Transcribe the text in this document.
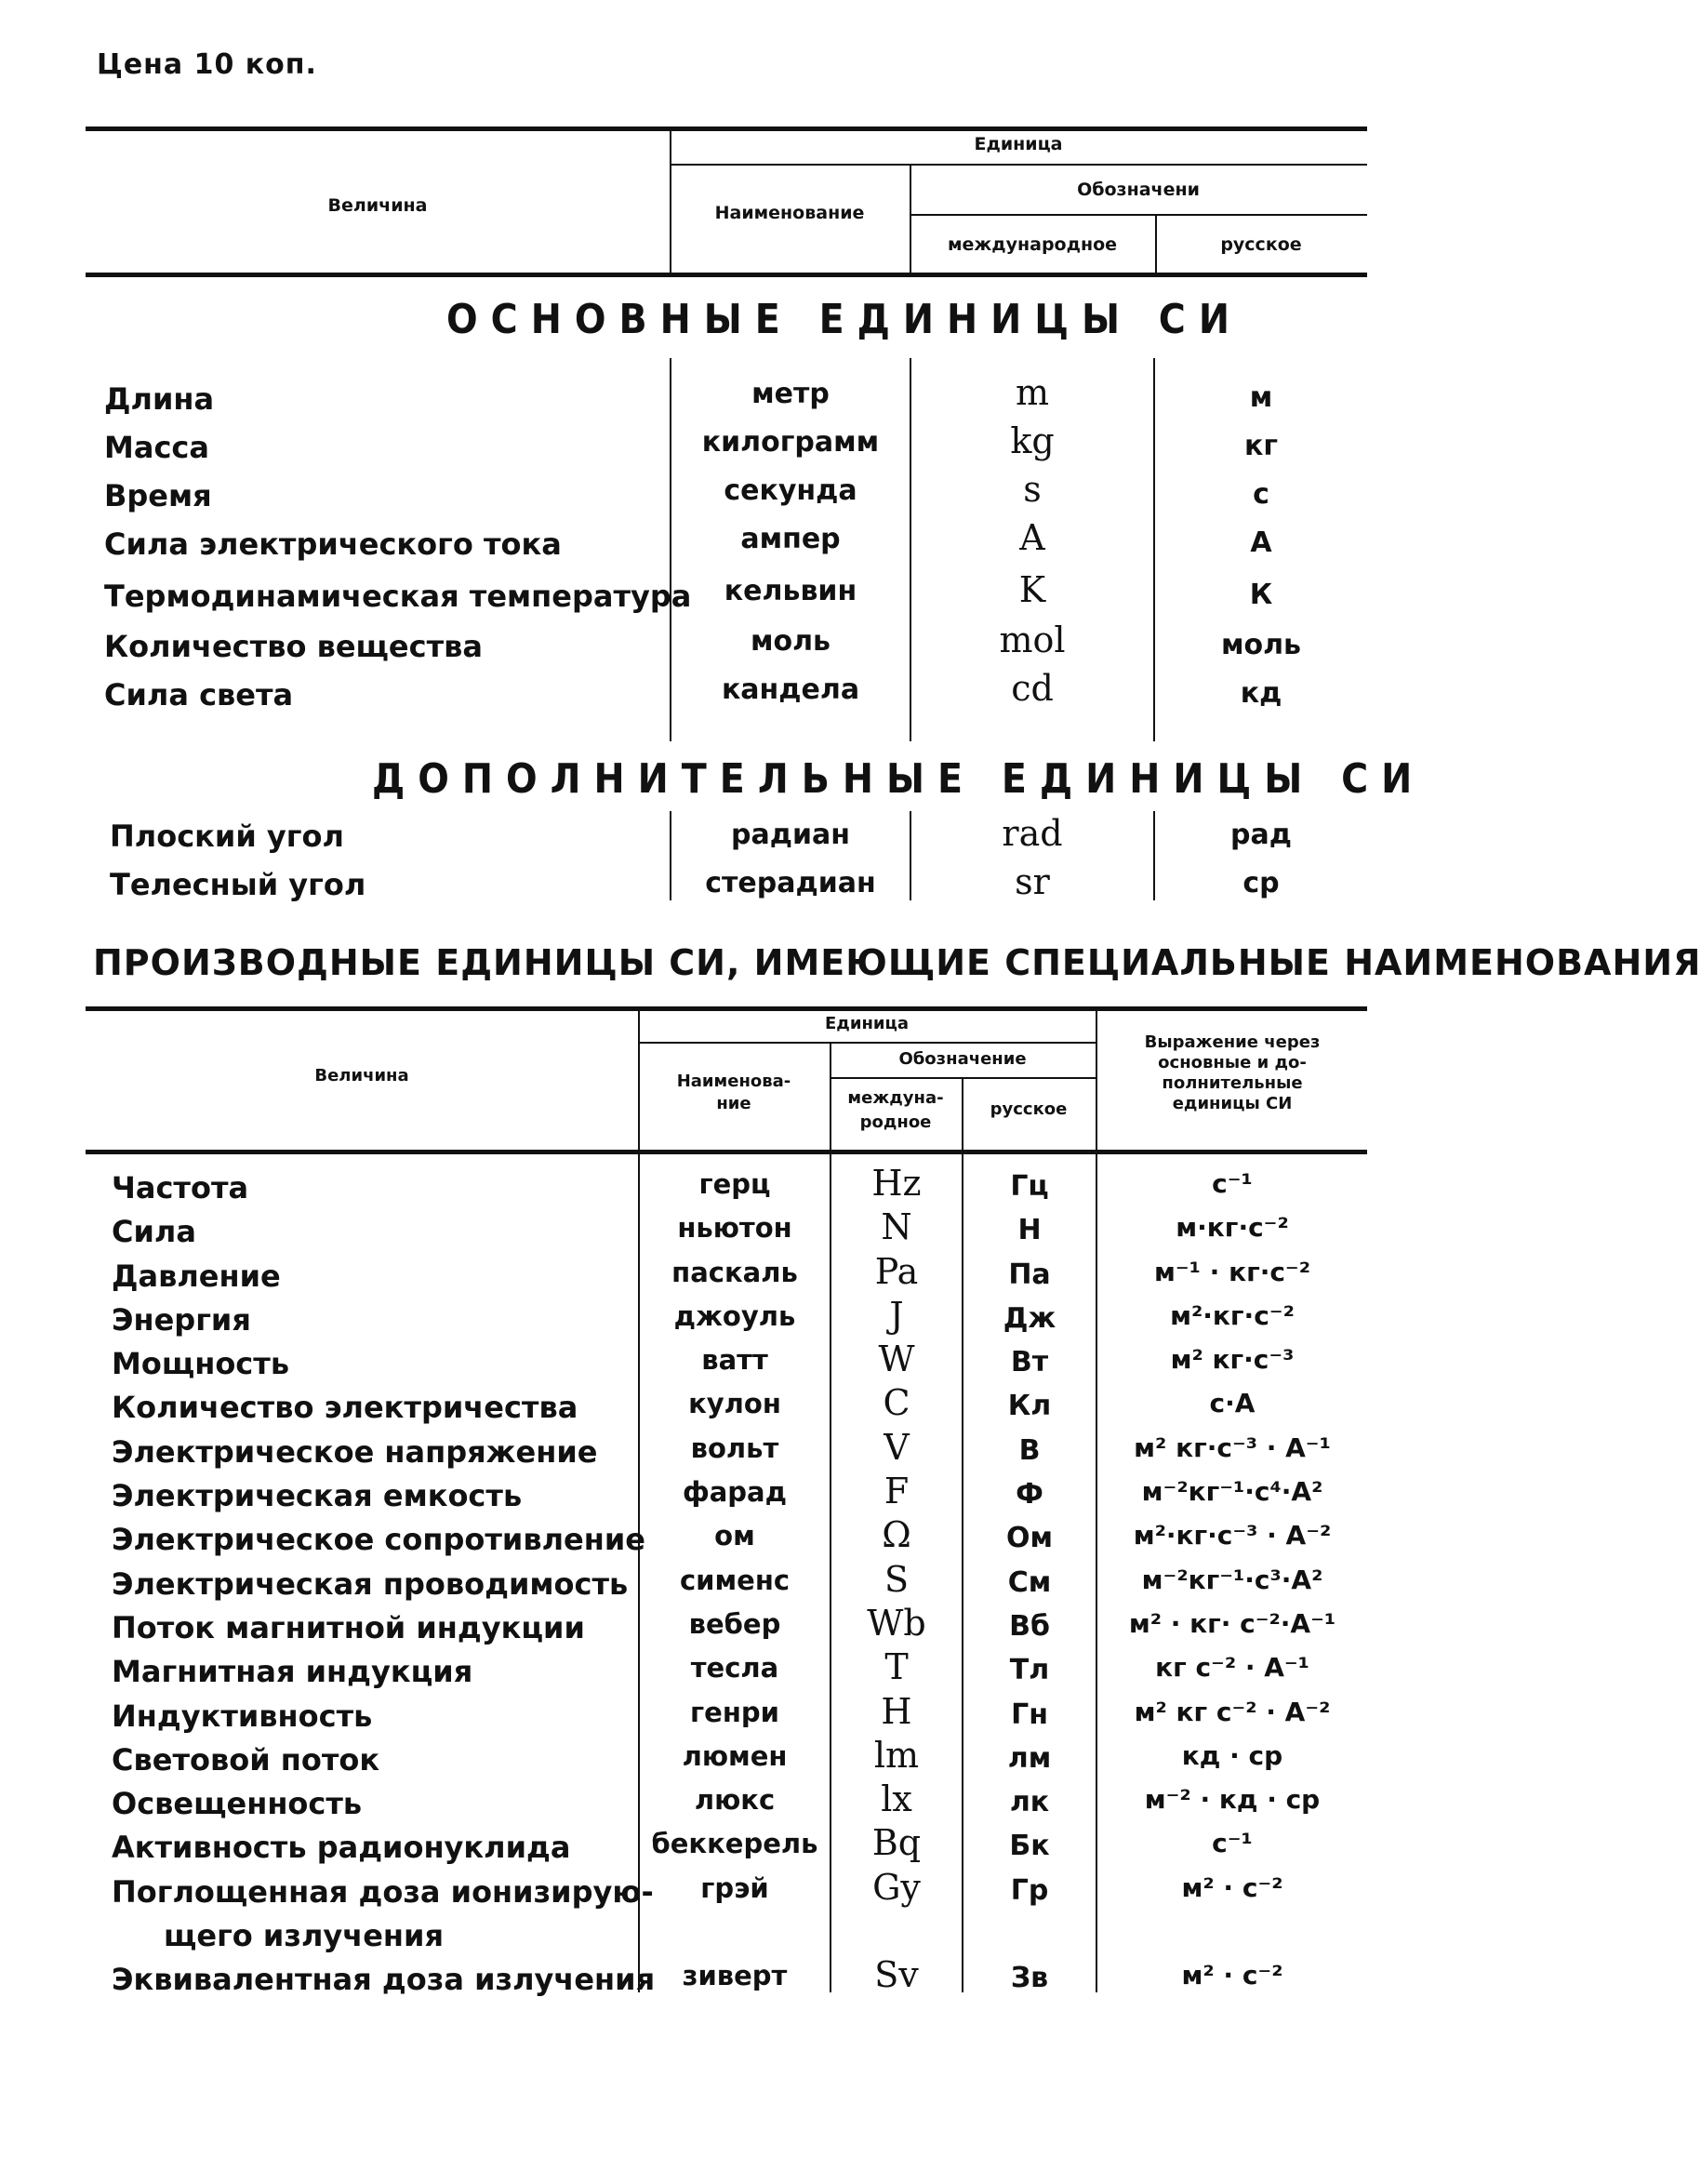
Цена 10 коп.
Величина
Единица
Наименование
Обозначени
международное	русское
ОСНОВНЫЕ ЕДИНИЦЫ СИ
Длина	метр	m	м
Масса	килограмм	kg	кг
Время	секунда	s	с
Сила электрического тока	ампер	A	А
Термодинамическая температура	кельвин	K	К
Количество вещества	моль	mol	моль
Сила света	кандела	cd	кд
ДОПОЛНИТЕЛЬНЫЕ ЕДИНИЦЫ СИ
Плоский угол	радиан	rad	рад
Телесный угол	стерадиан	sr	ср
ПРОИЗВОДНЫЕ ЕДИНИЦЫ СИ, ИМЕЮЩИЕ СПЕЦИАЛЬНЫЕ НАИМЕНОВАНИЯ
Величина
Единица
Наименова-
ние
Обозначение
междуна-
родное
русское
Выражение через
основные и до-
полнительные
единицы СИ
Частота	герц	Hz	Гц	с⁻¹
Сила	ньютон	N	Н	м·кг·с⁻²
Давление	паскаль	Pa	Па	м⁻¹ · кг·с⁻²
Энергия	джоуль	J	Дж	м²·кг·с⁻²
Мощность	ватт	W	Вт	м² кг·с⁻³
Количество электричества	кулон	C	Кл	с·А
Электрическое напряжение	вольт	V	В	м² кг·с⁻³ · А⁻¹
Электрическая емкость	фарад	F	Ф	м⁻²кг⁻¹·с⁴·А²
Электрическое сопротивление	ом	Ω	Ом	м²·кг·с⁻³ · А⁻²
Электрическая проводимость	сименс	S	См	м⁻²кг⁻¹·с³·А²
Поток магнитной индукции	вебер	Wb	Вб	м² · кг· с⁻²·А⁻¹
Магнитная индукция	тесла	T	Тл	кг с⁻² · А⁻¹
Индуктивность	генри	H	Гн	м² кг с⁻² · А⁻²
Световой поток	люмен	lm	лм	кд · ср
Освещенность	люкс	lx	лк	м⁻² · кд · ср
Активность радионуклида	беккерель	Bq	Бк	с⁻¹
Поглощенная доза ионизирую-	грэй	Gy	Гр	м² · с⁻²
щего излучения
Эквивалентная доза излучения	зиверт	Sv	Зв	м² · с⁻²
